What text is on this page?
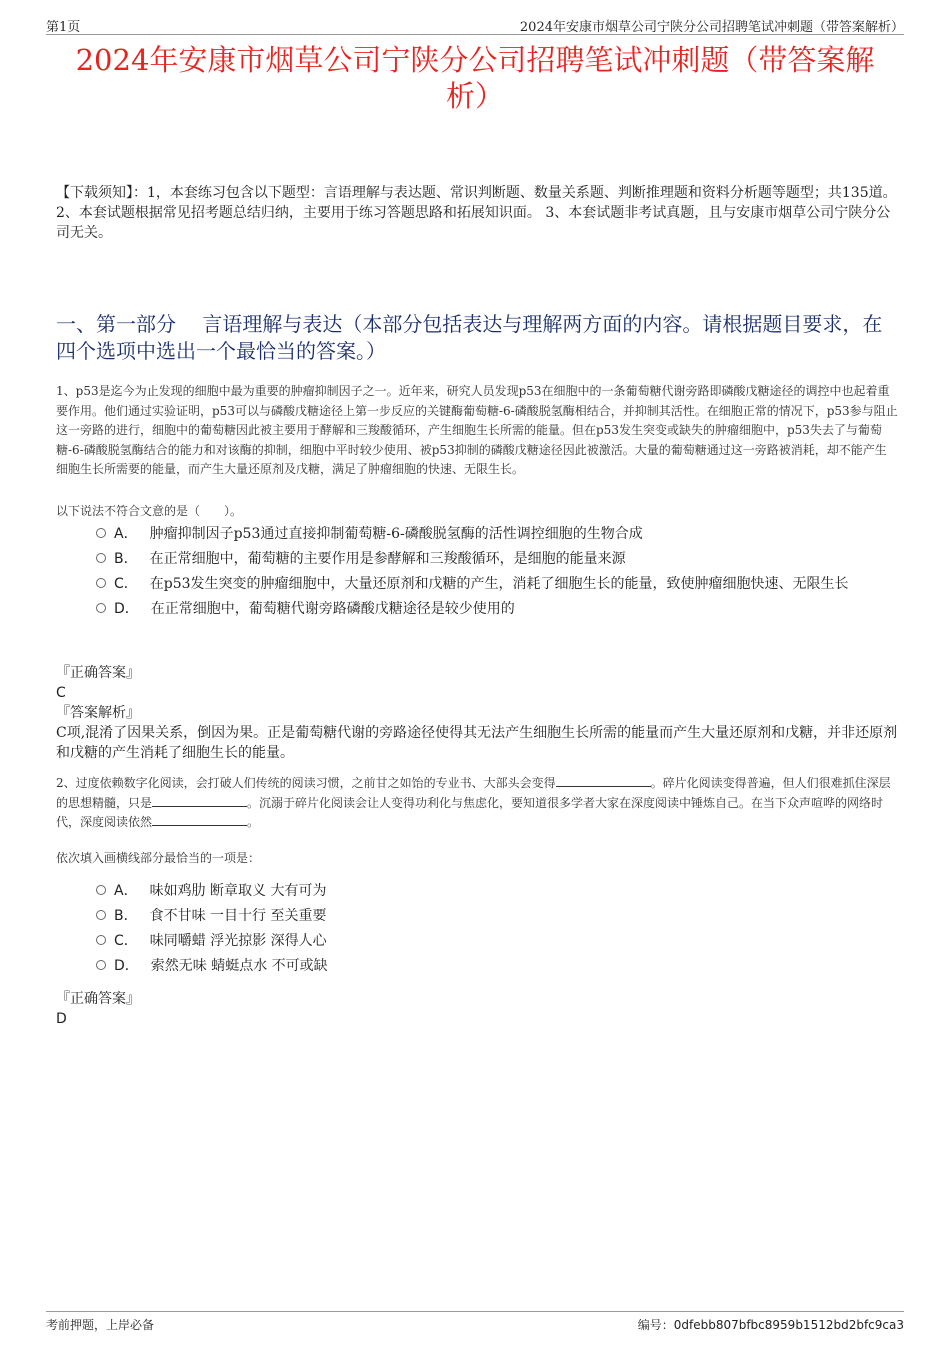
第1页	2024年安康市烟草公司宁陕分公司招聘笔试冲刺题（带答案解析）
2024年安康市烟草公司宁陕分公司招聘笔试冲刺题（带答案解
析）
【下载须知】：1，本套练习包含以下题型：言语理解与表达题、常识判断题、数量关系题、判断推理题和资料分析题等题型；共135道。 2、本套试题根据常见招考题总结归纳，主要用于练习答题思路和拓展知识面。 3、本套试题非考试真题，且与安康市烟草公司宁陕分公司无关。
一、第一部分　 言语理解与表达（本部分包括表达与理解两方面的内容。请根据题目要求，在四个选项中选出一个最恰当的答案。）
1、p53是迄今为止发现的细胞中最为重要的肿瘤抑制因子之一。近年来，研究人员发现p53在细胞中的一条葡萄糖代谢旁路即磷酸戊糖途径的调控中也起着重要作用。他们通过实验证明，p53可以与磷酸戊糖途径上第一步反应的关键酶葡萄糖-6-磷酸脱氢酶相结合，并抑制其活性。在细胞正常的情况下，p53参与阻止这一旁路的进行，细胞中的葡萄糖因此被主要用于酵解和三羧酸循环，产生细胞生长所需的能量。但在p53发生突变或缺失的肿瘤细胞中，p53失去了与葡萄糖-6-磷酸脱氢酶结合的能力和对该酶的抑制，细胞中平时较少使用、被p53抑制的磷酸戊糖途径因此被激活。大量的葡萄糖通过这一旁路被消耗，却不能产生细胞生长所需要的能量，而产生大量还原剂及戊糖，满足了肿瘤细胞的快速、无限生长。
以下说法不符合文意的是（　　）。
A． 肿瘤抑制因子p53通过直接抑制葡萄糖-6-磷酸脱氢酶的活性调控细胞的生物合成
B． 在正常细胞中，葡萄糖的主要作用是参酵解和三羧酸循环，是细胞的能量来源
C． 在p53发生突变的肿瘤细胞中，大量还原剂和戊糖的产生，消耗了细胞生长的能量，致使肿瘤细胞快速、无限生长
D． 在正常细胞中，葡萄糖代谢旁路磷酸戊糖途径是较少使用的
『正确答案』
C
『答案解析』
C项,混淆了因果关系，倒因为果。正是葡萄糖代谢的旁路途径使得其无法产生细胞生长所需的能量而产生大量还原剂和戊糖，并非还原剂和戊糖的产生消耗了细胞生长的能量。
2、过度依赖数字化阅读，会打破人们传统的阅读习惯，之前甘之如饴的专业书、大部头会变得	。碎片化阅读变得普遍，但人们很难抓住深层的思想精髓，只是	。沉溺于碎片化阅读会让人变得功利化与焦虑化，要知道很多学者大家在深度阅读中锤炼自己。在当下众声喧哗的网络时代，深度阅读依然	。
依次填入画横线部分最恰当的一项是：
A． 味如鸡肋 断章取义 大有可为
B． 食不甘味 一目十行 至关重要
C． 味同嚼蜡 浮光掠影 深得人心
D． 索然无味 蜻蜓点水 不可或缺
『正确答案』
D
考前押题，上岸必备	编号：0dfebb807bfbc8959b1512bd2bfc9ca3
